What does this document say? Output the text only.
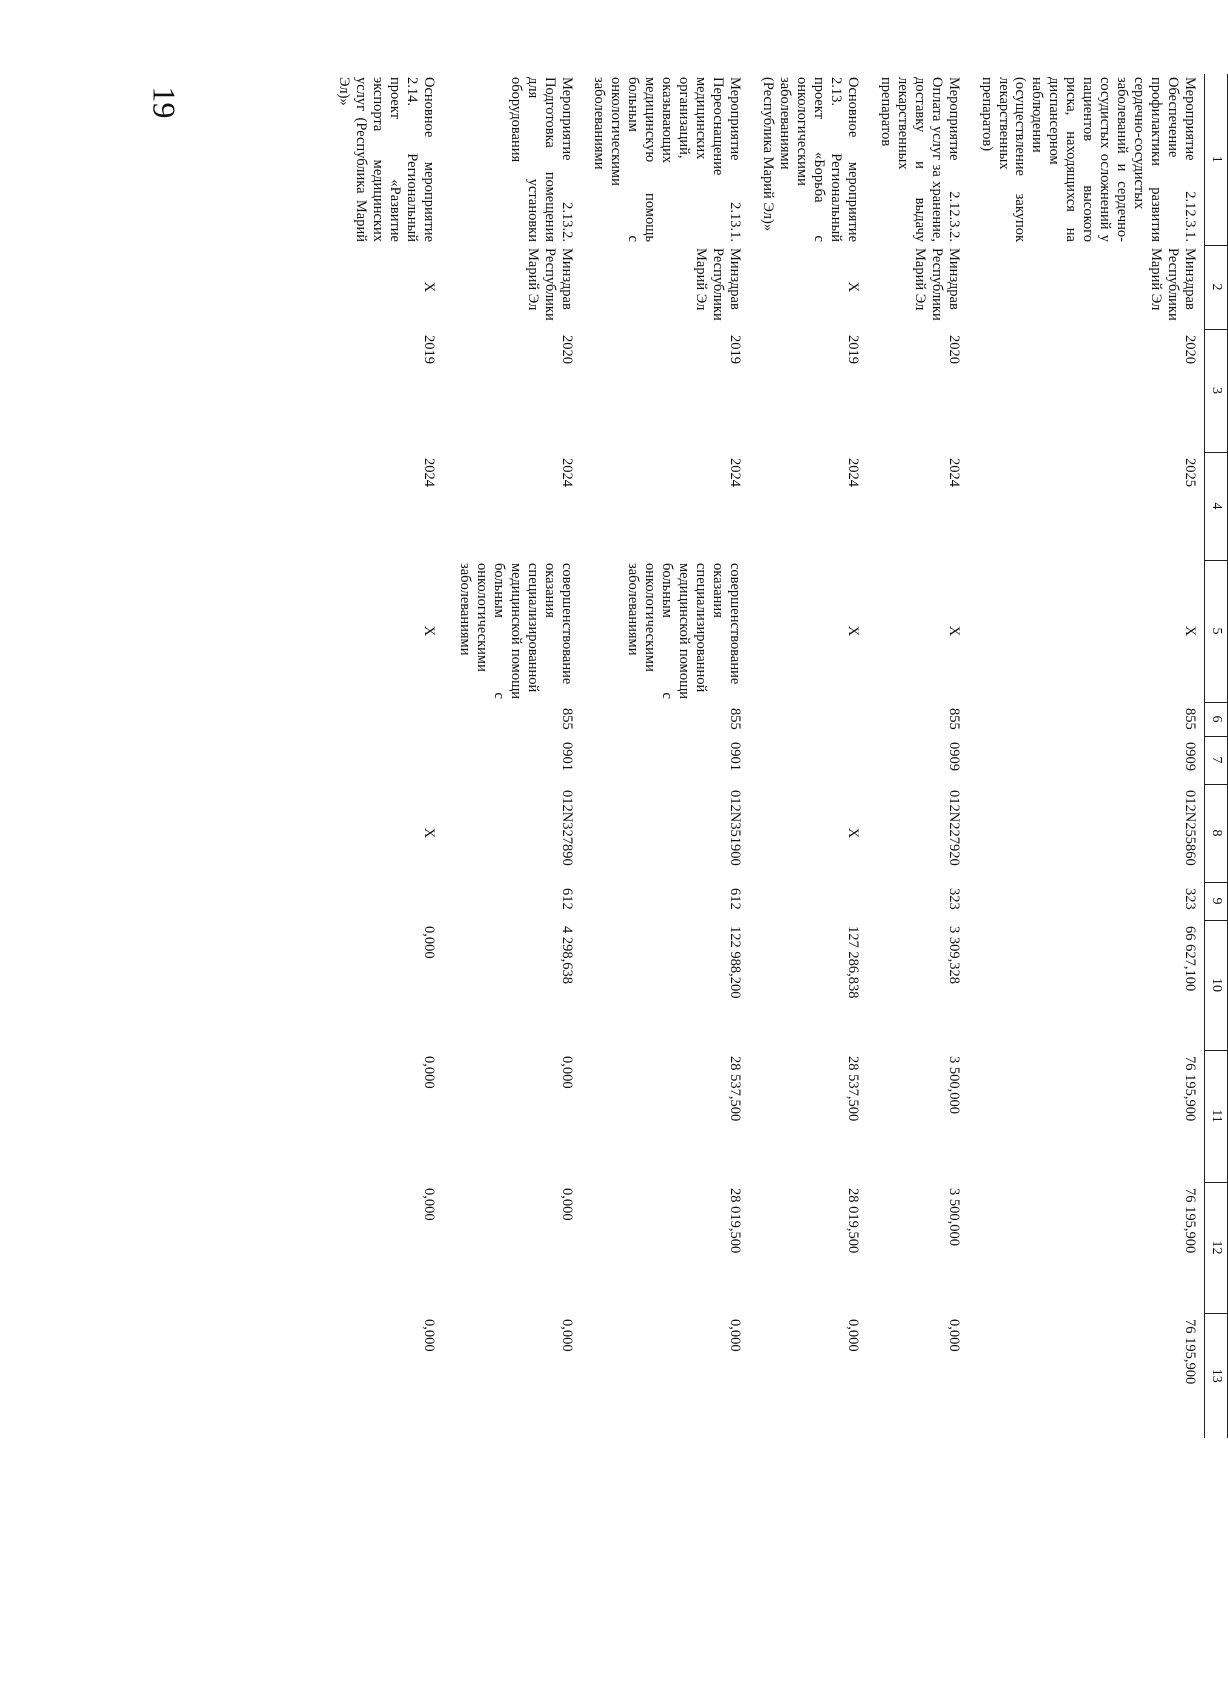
19
1	2	3	4	5	6	7	8	9	10	11	12	13
Мероприятие 2.12.3.1. Обеспечение профилактики развития сердечно-сосудистых заболеваний и сердечно-сосудистых осложнений у пациентов высокого риска, находящихся на диспансерном наблюдении (осуществление закупок лекарственных препаратов)	Минздрав Республики Марий Эл	2020	2025	Х	855	0909	012N255860	323	66 627,100	76 195,900	76 195,900	76 195,900
Мероприятие 2.12.3.2. Оплата услуг за хранение, доставку и выдачу лекарственных препаратов	Минздрав Республики Марий Эл	2020	2024	Х	855	0909	012N227920	323	3 309,328	3 500,000	3 500,000	0,000
Основное мероприятие 2.13. Региональный проект «Борьба с онкологическими заболеваниями (Республика Марий Эл)»	Х	2019	2024	Х			Х		127 286,838	28 537,500	28 019,500	0,000
Мероприятие 2.13.1. Переоснащение медицинских организаций, оказывающих медицинскую помощь больным с онкологическими заболеваниями	Минздрав Республики Марий Эл	2019	2024	совершенствование оказания специализированной медицинской помощи больным с онкологическими заболеваниями	855	0901	012N351900	612	122 988,200	28 537,500	28 019,500	0,000
Мероприятие 2.13.2. Подготовка помещения для установки оборудования	Минздрав Республики Марий Эл	2020	2024	совершенствование оказания специализированной медицинской помощи больным с онкологическими заболеваниями	855	0901	012N327890	612	4 298,638	0,000	0,000	0,000
Основное мероприятие 2.14. Региональный проект «Развитие экспорта медицинских услуг (Республика Марий Эл)»	Х	2019	2024	Х			Х		0,000	0,000	0,000	0,000
